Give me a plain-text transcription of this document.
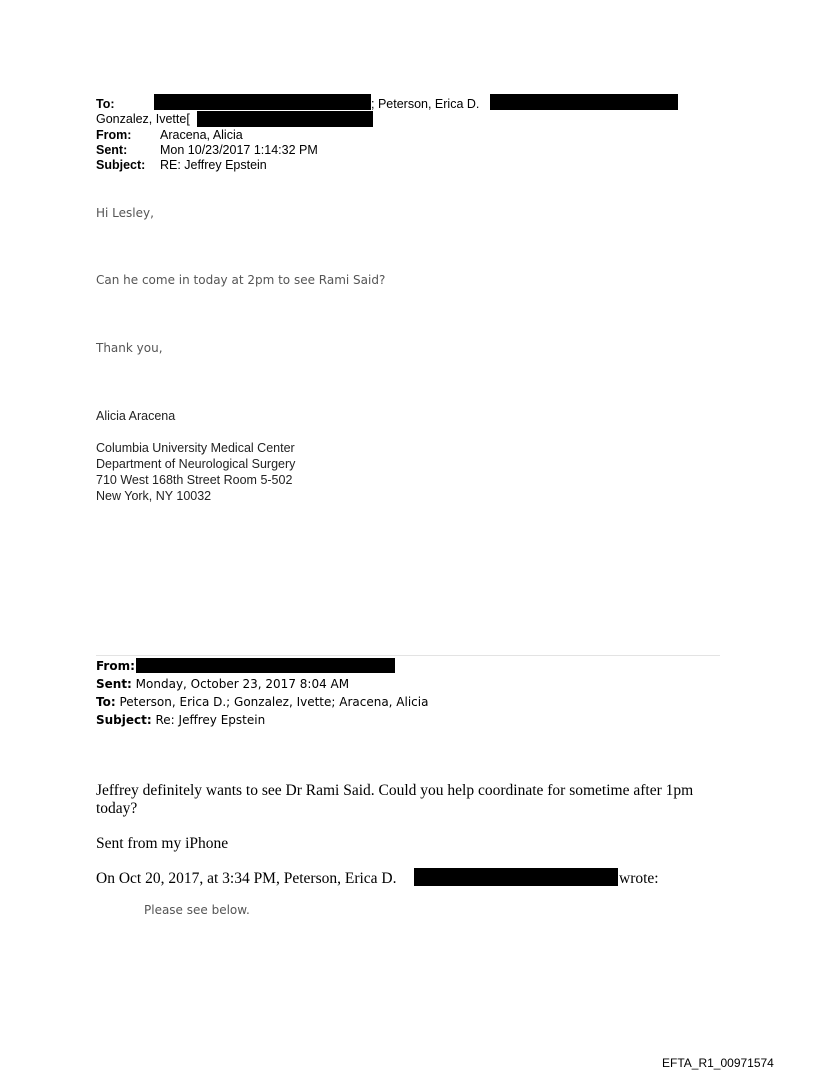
To:	; Peterson, Erica D.
Gonzalez, Ivette[
From: Aracena, Alicia
Sent:	Mon 10/23/2017 1:14:32 PM
Subject: RE: Jeffrey Epstein
Hi Lesley,
Can he come in today at 2pm to see Rami Said?
Thank you,
Alicia Aracena
Columbia University Medical Center
Department of Neurological Surgery
710 West 168th Street Room 5-502
New York, NY 10032
From:
Sent: Monday, October 23, 2017 8:04 AM
To: Peterson, Erica D.; Gonzalez, Ivette; Aracena, Alicia
Subject: Re: Jeffrey Epstein
Jeffrey definitely wants to see Dr Rami Said. Could you help coordinate for sometime after 1pm today?
Sent from my iPhone
On Oct 20, 2017, at 3:34 PM, Peterson, Erica D.	wrote:
Please see below.
EFTA_R1_00971574
